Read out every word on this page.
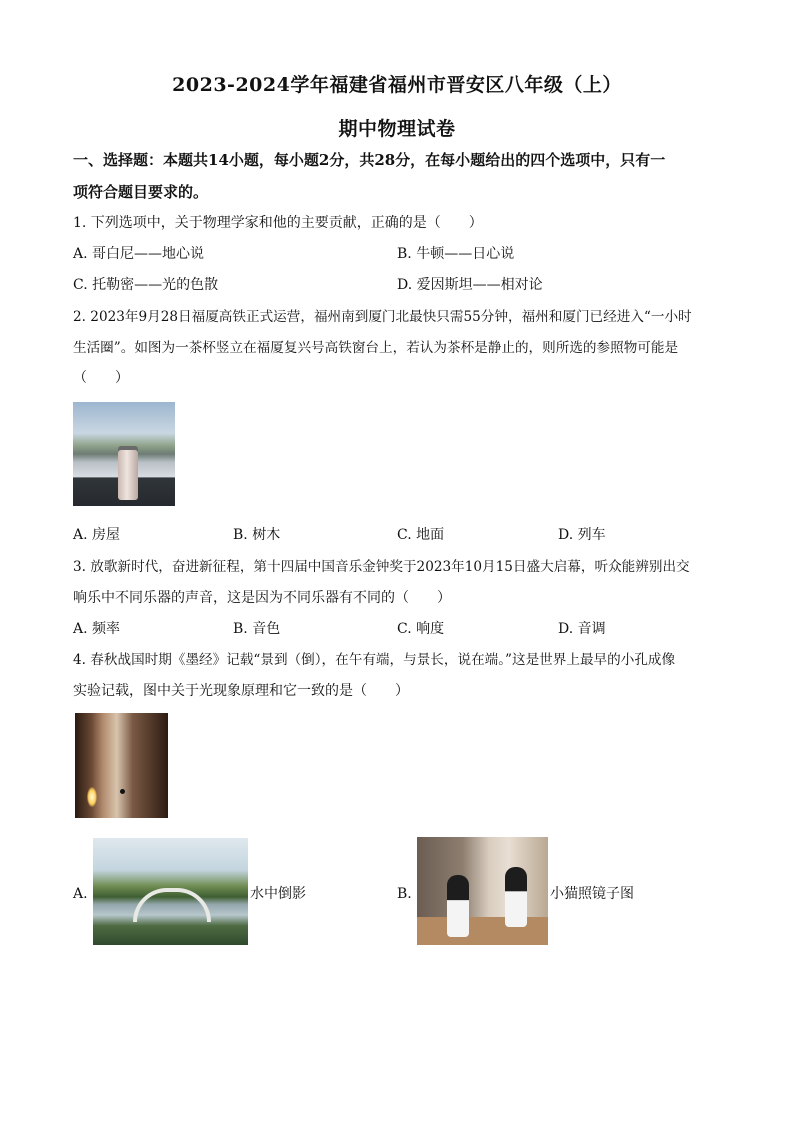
2023-2024学年福建省福州市晋安区八年级（上）
期中物理试卷
一、选择题：本题共14小题，每小题2分，共28分，在每小题给出的四个选项中，只有一
项符合题目要求的。
1. 下列选项中，关于物理学家和他的主要贡献，正确的是（　　）
A. 哥白尼——地心说	B. 牛顿——日心说
C. 托勒密——光的色散	D. 爱因斯坦——相对论
2. 2023年9月28日福厦高铁正式运营，福州南到厦门北最快只需55分钟，福州和厦门已经进入“一小时
生活圈”。如图为一茶杯竖立在福厦复兴号高铁窗台上，若认为茶杯是静止的，则所选的参照物可能是
（　　）
A. 房屋	B. 树木	C. 地面	D. 列车
3. 放歌新时代，奋进新征程，第十四届中国音乐金钟奖于2023年10月15日盛大启幕，听众能辨别出交
响乐中不同乐器的声音，这是因为不同乐器有不同的（　　）
A. 频率	B. 音色	C. 响度	D. 音调
4. 春秋战国时期《墨经》记载“景到（倒），在午有端，与景长，说在端。”这是世界上最早的小孔成像
实验记载，图中关于光现象原理和它一致的是（　　）
A.	水中倒影	B.	小猫照镜子图
